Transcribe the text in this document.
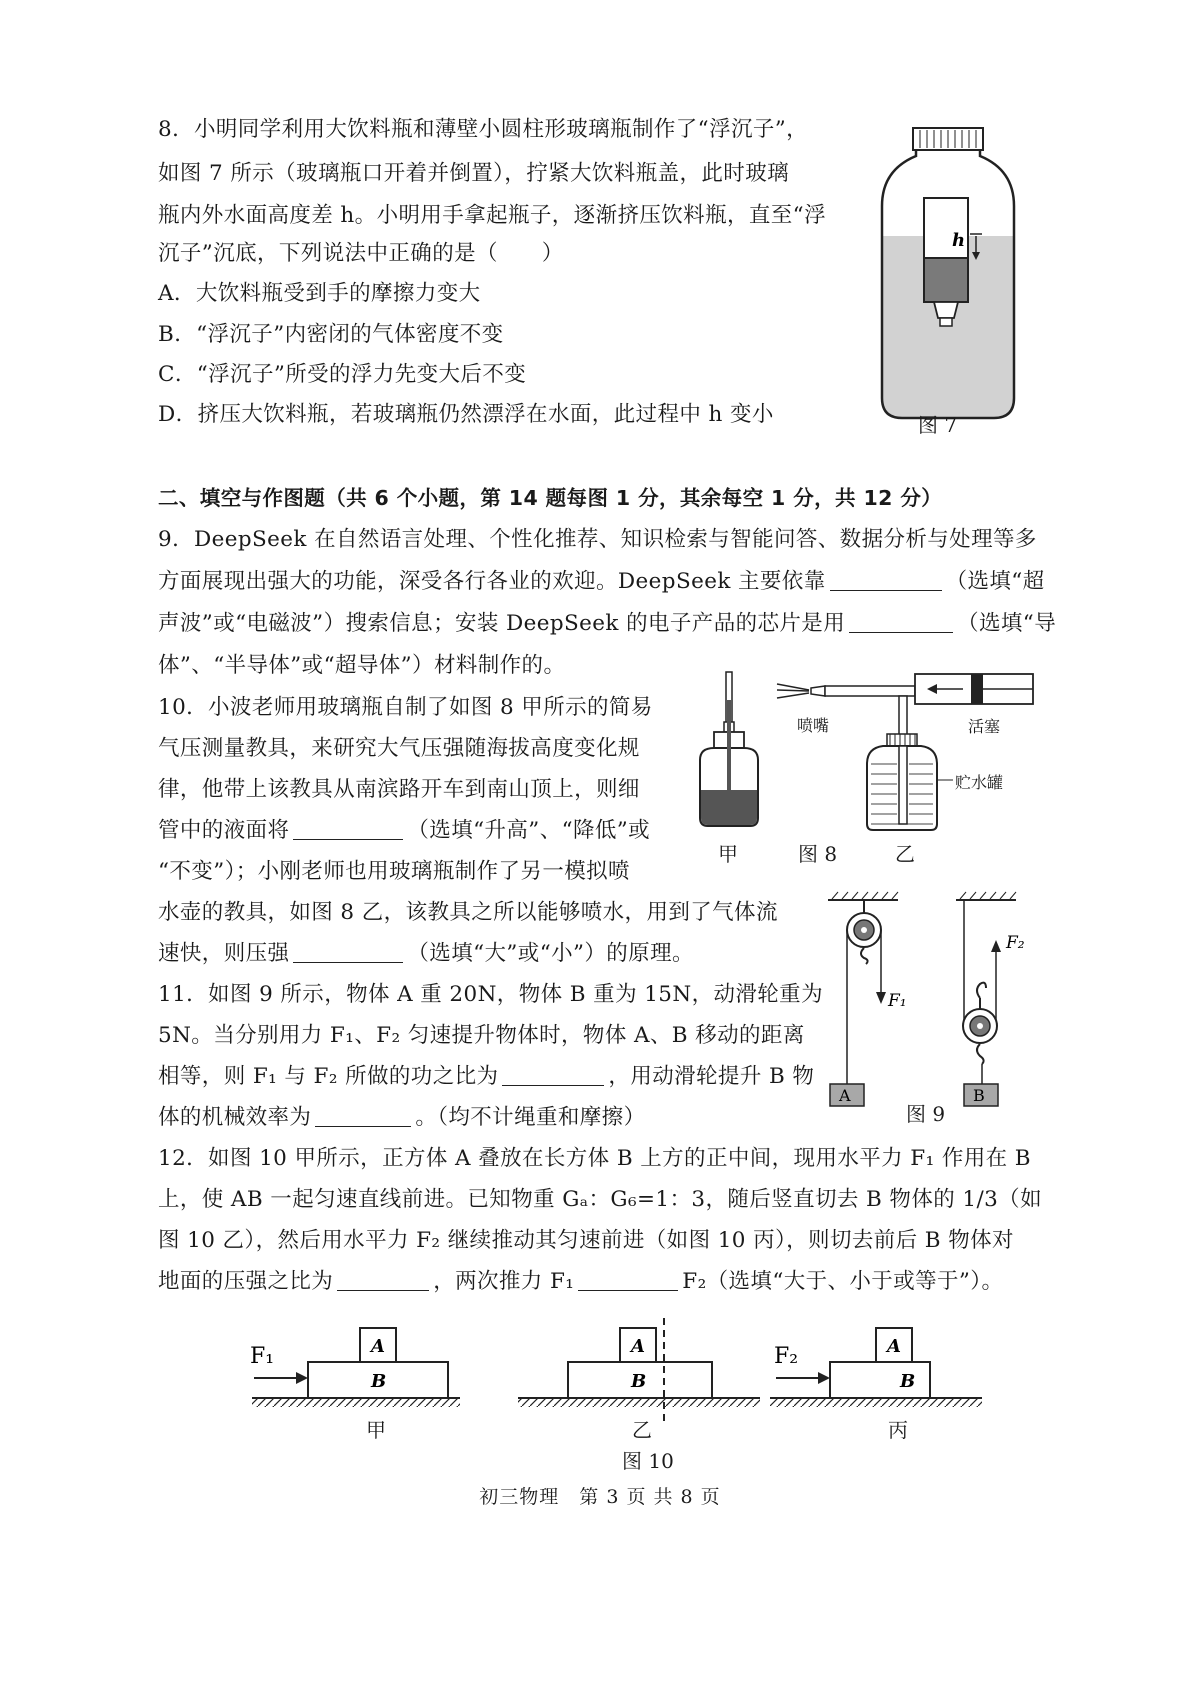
8．小明同学利用大饮料瓶和薄壁小圆柱形玻璃瓶制作了“浮沉子”，
如图 7 所示（玻璃瓶口开着并倒置），拧紧大饮料瓶盖，此时玻璃
瓶内外水面高度差 h。小明用手拿起瓶子，逐渐挤压饮料瓶，直至“浮
沉子”沉底，下列说法中正确的是（　　）
A．大饮料瓶受到手的摩擦力变大
B．“浮沉子”内密闭的气体密度不变
C．“浮沉子”所受的浮力先变大后不变
D．挤压大饮料瓶，若玻璃瓶仍然漂浮在水面，此过程中 h 变小
h
图 7
二、填空与作图题（共 6 个小题，第 14 题每图 1 分，其余每空 1 分，共 12 分）
9．DeepSeek 在自然语言处理、个性化推荐、知识检索与智能问答、数据分析与处理等多
方面展现出强大的功能，深受各行各业的欢迎。DeepSeek 主要依靠	（选填“超
声波”或“电磁波”）搜索信息；安装 DeepSeek 的电子产品的芯片是用	（选填“导
体”、“半导体”或“超导体”）材料制作的。
10．小波老师用玻璃瓶自制了如图 8 甲所示的简易
气压测量教具，来研究大气压强随海拔高度变化规
律，他带上该教具从南滨路开车到南山顶上，则细
管中的液面将	（选填“升高”、“降低”或
“不变”）；小刚老师也用玻璃瓶制作了另一模拟喷
水壶的教具，如图 8 乙，该教具之所以能够喷水，用到了气体流
速快，则压强	（选填“大”或“小”）的原理。
喷嘴	活塞
贮水罐
甲	图 8	乙
11．如图 9 所示，物体 A 重 20N，物体 B 重为 15N，动滑轮重为
5N。当分别用力 F₁、F₂ 匀速提升物体时，物体 A、B 移动的距离
相等，则 F₁ 与 F₂ 所做的功之比为	，用动滑轮提升 B 物
体的机械效率为	。（均不计绳重和摩擦）
F₁
A
F₂
B
图 9
12．如图 10 甲所示，正方体 A 叠放在长方体 B 上方的正中间，现用水平力 F₁ 作用在 B
上，使 AB 一起匀速直线前进。已知物重 Gₐ：G₆=1：3，随后竖直切去 B 物体的 1/3（如
图 10 乙），然后用水平力 F₂ 继续推动其匀速前进（如图 10 丙），则切去前后 B 物体对
地面的压强之比为	，两次推力 F₁	F₂（选填“大于、小于或等于”）。
A
B
F₁	A
B
A
B
F₂
甲	乙	丙
图 10
初三物理　第 3 页 共 8 页
